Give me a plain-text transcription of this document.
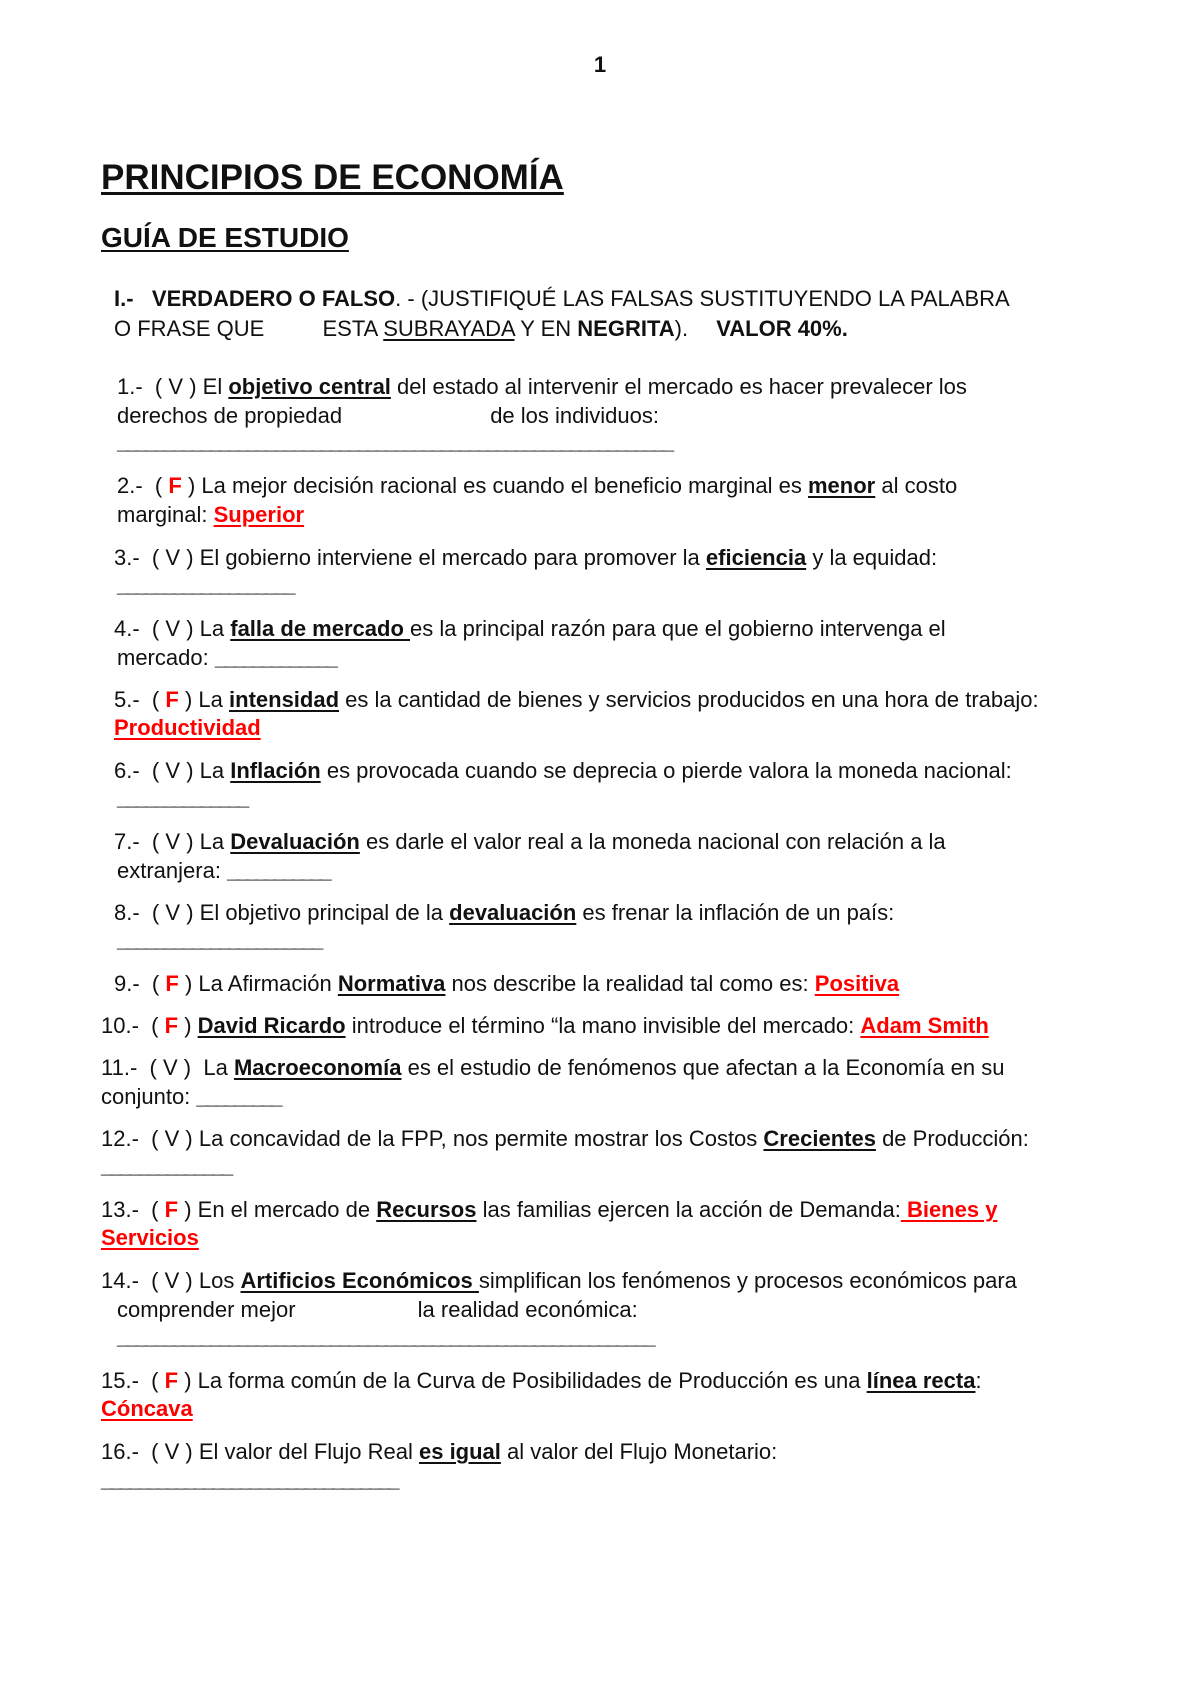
1
PRINCIPIOS DE ECONOMÍA
GUÍA DE ESTUDIO
I.- VERDADERO O FALSO. - (JUSTIFIQUÉ LAS FALSAS SUSTITUYENDO LA PALABRA
O FRASE QUE	ESTA SUBRAYADA Y EN NEGRITA). VALOR 40%.
1.- ( V ) El objetivo central del estado al intervenir el mercado es hacer prevalecer los
derechos de propiedad	de los individuos:
____________________________________________________________
2.- ( F ) La mejor decisión racional es cuando el beneficio marginal es menor al costo
marginal: Superior
3.- ( V ) El gobierno interviene el mercado para promover la eficiencia y la equidad:
___________________
4.- ( V ) La falla de mercado es la principal razón para que el gobierno intervenga el
mercado: _____________
5.- ( F ) La intensidad es la cantidad de bienes y servicios producidos en una hora de trabajo:
Productividad
6.- ( V ) La Inflación es provocada cuando se deprecia o pierde valora la moneda nacional:
______________
7.- ( V ) La Devaluación es darle el valor real a la moneda nacional con relación a la
extranjera: ___________
8.- ( V ) El objetivo principal de la devaluación es frenar la inflación de un país:
______________________
9.- ( F ) La Afirmación Normativa nos describe la realidad tal como es: Positiva
10.- ( F ) David Ricardo introduce el término “la mano invisible del mercado: Adam Smith
11.- ( V ) La Macroeconomía es el estudio de fenómenos que afectan a la Economía en su
conjunto: _________
12.- ( V ) La concavidad de la FPP, nos permite mostrar los Costos Crecientes de Producción:
______________
13.- ( F ) En el mercado de Recursos las familias ejercen la acción de Demanda: Bienes y
Servicios
14.- ( V ) Los Artificios Económicos simplifican los fenómenos y procesos económicos para
comprender mejor	la realidad económica:
__________________________________________________________
15.- ( F ) La forma común de la Curva de Posibilidades de Producción es una línea recta:
Cóncava
16.- ( V ) El valor del Flujo Real es igual al valor del Flujo Monetario:
________________________________
